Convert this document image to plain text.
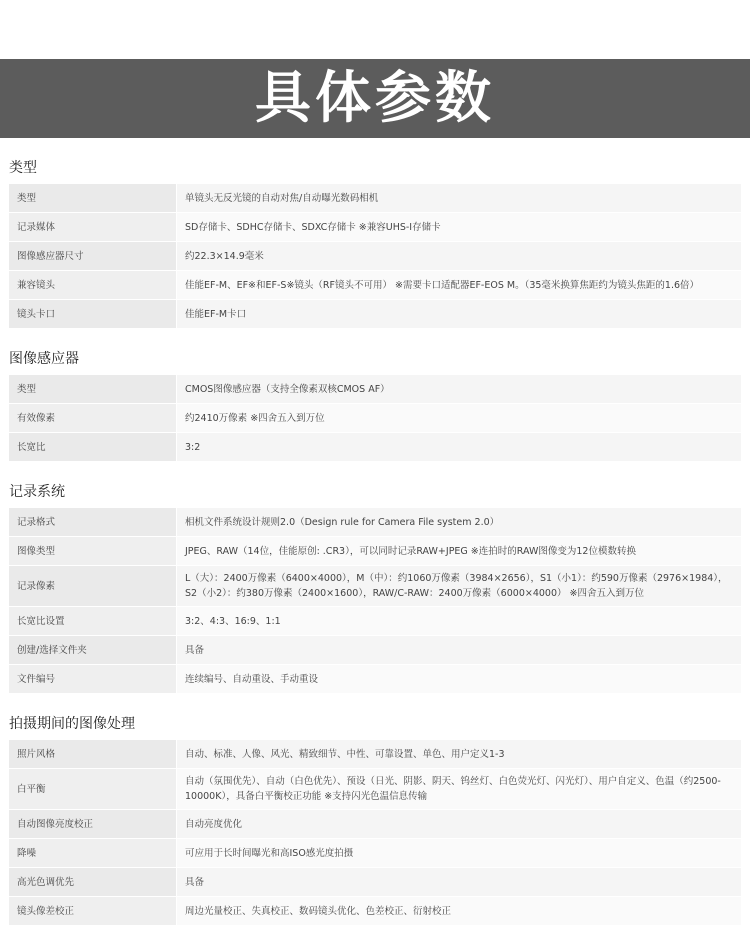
具体参数
类型
类型	单镜头无反光镜的自动对焦/自动曝光数码相机
记录媒体	SD存储卡、SDHC存储卡、SDXC存储卡 ※兼容UHS-I存储卡
图像感应器尺寸	约22.3×14.9毫米
兼容镜头	佳能EF-M、EF※和EF-S※镜头（RF镜头不可用） ※需要卡口适配器EF-EOS M。（35毫米换算焦距约为镜头焦距的1.6倍）
镜头卡口	佳能EF-M卡口
图像感应器
类型	CMOS图像感应器（支持全像素双核CMOS AF）
有效像素	约2410万像素 ※四舍五入到万位
长宽比	3:2
记录系统
记录格式	相机文件系统设计规则2.0（Design rule for Camera File system 2.0）
图像类型	JPEG、RAW（14位，佳能原创: .CR3），可以同时记录RAW+JPEG ※连拍时的RAW图像变为12位模数转换
记录像素	L（大）：2400万像素（6400×4000），M（中）：约1060万像素（3984×2656），S1（小1）：约590万像素（2976×1984），S2（小2）：约380万像素（2400×1600），RAW/C-RAW：2400万像素（6000×4000） ※四舍五入到万位
长宽比设置	3:2、4:3、16:9、1:1
创建/选择文件夹	具备
文件编号	连续编号、自动重设、手动重设
拍摄期间的图像处理
照片风格	自动、标准、人像、风光、精致细节、中性、可靠设置、单色、用户定义1-3
白平衡	自动（氛围优先）、自动（白色优先）、预设（日光、阴影、阴天、钨丝灯、白色荧光灯、闪光灯）、用户自定义、色温（约2500-10000K），具备白平衡校正功能 ※支持闪光色温信息传输
自动图像亮度校正	自动亮度优化
降噪	可应用于长时间曝光和高ISO感光度拍摄
高光色调优先	具备
镜头像差校正	周边光量校正、失真校正、数码镜头优化、色差校正、衍射校正
